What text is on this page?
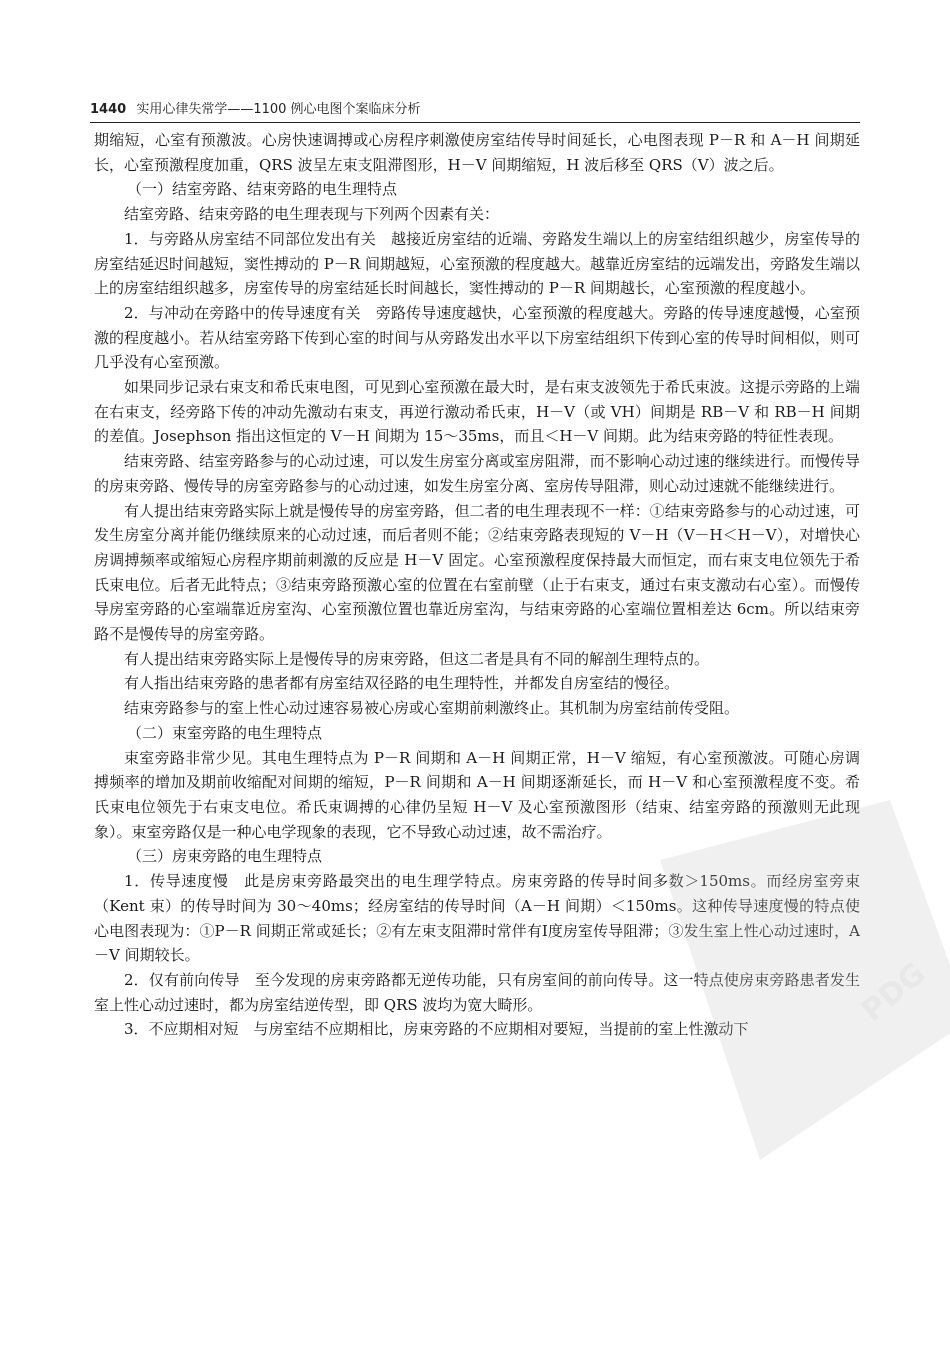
1440 实用心律失常学——1100 例心电图个案临床分析

期缩短，心室有预激波。心房快速调搏或心房程序刺激使房室结传导时间延长，心电图表现 P－R 和 A－H 间期延长，心室预激程度加重，QRS 波呈左束支阻滞图形，H－V 间期缩短，H 波后移至 QRS（V）波之后。

（一）结室旁路、结束旁路的电生理特点

结室旁路、结束旁路的电生理表现与下列两个因素有关：

1．与旁路从房室结不同部位发出有关　越接近房室结的近端、旁路发生端以上的房室结组织越少，房室传导的房室结延迟时间越短，窦性搏动的 P－R 间期越短，心室预激的程度越大。越靠近房室结的远端发出，旁路发生端以上的房室结组织越多，房室传导的房室结延长时间越长，窦性搏动的 P－R 间期越长，心室预激的程度越小。

2．与冲动在旁路中的传导速度有关　旁路传导速度越快，心室预激的程度越大。旁路的传导速度越慢，心室预激的程度越小。若从结室旁路下传到心室的时间与从旁路发出水平以下房室结组织下传到心室的传导时间相似，则可几乎没有心室预激。

如果同步记录右束支和希氏束电图，可见到心室预激在最大时，是右束支波领先于希氏束波。这提示旁路的上端在右束支，经旁路下传的冲动先激动右束支，再逆行激动希氏束，H－V（或 VH）间期是 RB－V 和 RB－H 间期的差值。Josephson 指出这恒定的 V－H 间期为 15～35ms，而且＜H－V 间期。此为结束旁路的特征性表现。

结束旁路、结室旁路参与的心动过速，可以发生房室分离或室房阻滞，而不影响心动过速的继续进行。而慢传导的房束旁路、慢传导的房室旁路参与的心动过速，如发生房室分离、室房传导阻滞，则心动过速就不能继续进行。

有人提出结束旁路实际上就是慢传导的房室旁路，但二者的电生理表现不一样：①结束旁路参与的心动过速，可发生房室分离并能仍继续原来的心动过速，而后者则不能；②结束旁路表现短的 V－H（V－H＜H－V），对增快心房调搏频率或缩短心房程序期前刺激的反应是 H－V 固定。心室预激程度保持最大而恒定，而右束支电位领先于希氏束电位。后者无此特点；③结束旁路预激心室的位置在右室前壁（止于右束支，通过右束支激动右心室）。而慢传导房室旁路的心室端靠近房室沟、心室预激位置也靠近房室沟，与结束旁路的心室端位置相差达 6cm。所以结束旁路不是慢传导的房室旁路。

有人提出结束旁路实际上是慢传导的房束旁路，但这二者是具有不同的解剖生理特点的。

有人指出结束旁路的患者都有房室结双径路的电生理特性，并都发自房室结的慢径。

结束旁路参与的室上性心动过速容易被心房或心室期前刺激终止。其机制为房室结前传受阻。

（二）束室旁路的电生理特点

束室旁路非常少见。其电生理特点为 P－R 间期和 A－H 间期正常，H－V 缩短，有心室预激波。可随心房调搏频率的增加及期前收缩配对间期的缩短，P－R 间期和 A－H 间期逐渐延长，而 H－V 和心室预激程度不变。希氏束电位领先于右束支电位。希氏束调搏的心律仍呈短 H－V 及心室预激图形（结束、结室旁路的预激则无此现象）。束室旁路仅是一种心电学现象的表现，它不导致心动过速，故不需治疗。

（三）房束旁路的电生理特点

1．传导速度慢　此是房束旁路最突出的电生理学特点。房束旁路的传导时间多数＞150ms。而经房室旁束（Kent 束）的传导时间为 30～40ms；经房室结的传导时间（A－H 间期）＜150ms。这种传导速度慢的特点使心电图表现为：①P－R 间期正常或延长；②有左束支阻滞时常伴有Ⅰ度房室传导阻滞；③发生室上性心动过速时，A－V 间期较长。

2．仅有前向传导　至今发现的房束旁路都无逆传功能，只有房室间的前向传导。这一特点使房束旁路患者发生室上性心动过速时，都为房室结逆传型，即 QRS 波均为宽大畸形。

3．不应期相对短　与房室结不应期相比，房束旁路的不应期相对要短，当提前的室上性激动下

PDG
